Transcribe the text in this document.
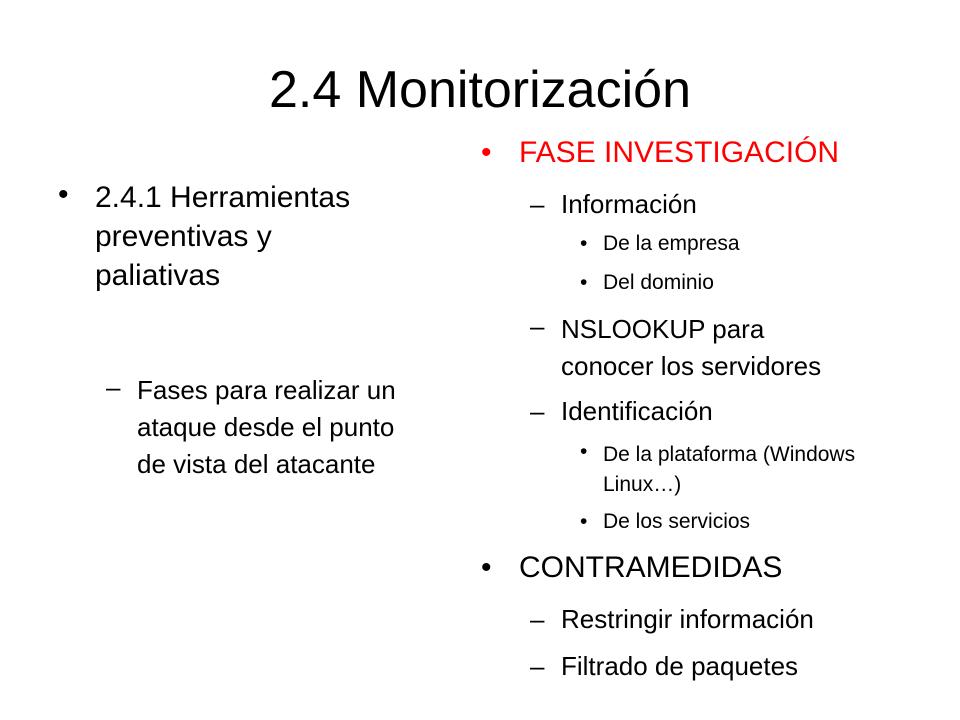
2.4 Monitorización
• 2.4.1 Herramientas
preventivas y
paliativas
– Fases para realizar un
ataque desde el punto
de vista del atacante
• FASE INVESTIGACIÓN
– Información
• De la empresa
• Del dominio
– NSLOOKUP para
conocer los servidores
– Identificación
• De la plataforma (Windows
Linux…)
• De los servicios
• CONTRAMEDIDAS
– Restringir información
– Filtrado de paquetes
